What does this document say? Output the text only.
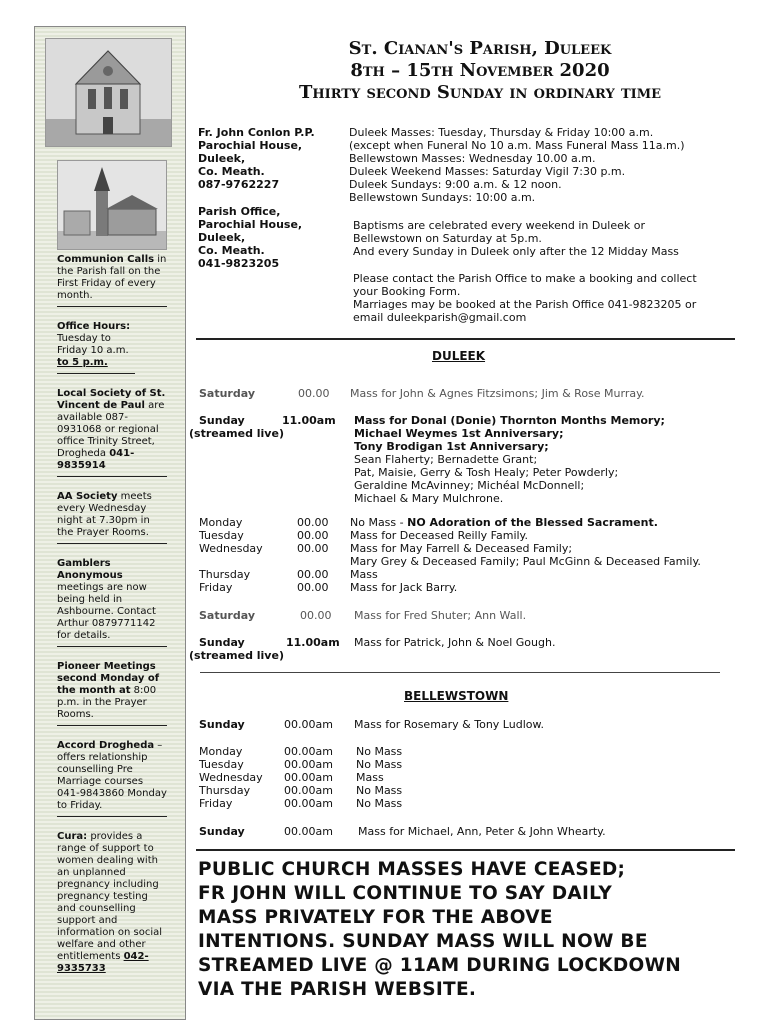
Communion Calls in the Parish fall on the First Friday of every month.
Office Hours:
Tuesday to Friday 10 a.m. to 5 p.m.
Local Society of St. Vincent de Paul are available 087-0931068 or regional office Trinity Street, Drogheda 041-9835914
AA Society meets every Wednesday night at 7.30pm in the Prayer Rooms.
Gamblers Anonymous meetings are now being held in Ashbourne. Contact Arthur 0879771142 for details.
Pioneer Meetings second Monday of the month at 8:00 p.m. in the Prayer Rooms.
Accord Drogheda – offers relationship counselling Pre Marriage courses 041-9843860 Monday to Friday.
Cura: provides a range of support to women dealing with an unplanned pregnancy including pregnancy testing and counselling support and information on social welfare and other entitlements 042-9335733
St. Cianan's Parish, Duleek
8th – 15th November 2020
Thirty second Sunday in ordinary time
Fr. John Conlon P.P.
Parochial House,
Duleek,
Co. Meath.
087-9762227
Parish Office,
Parochial House,
Duleek,
Co. Meath.
041-9823205
Duleek Masses: Tuesday, Thursday & Friday 10:00 a.m.
(except when Funeral No 10 a.m. Mass Funeral Mass 11a.m.)
Bellewstown Masses: Wednesday 10.00 a.m.
Duleek Weekend Masses: Saturday Vigil 7:30 p.m.
Duleek Sundays: 9:00 a.m. & 12 noon.
Bellewstown Sundays: 10:00 a.m.
Baptisms are celebrated every weekend in Duleek or
Bellewstown on Saturday at 5p.m.
And every Sunday in Duleek only after the 12 Midday Mass
Please contact the Parish Office to make a booking and collect
your Booking Form.
Marriages may be booked at the Parish Office 041-9823205 or
email duleekparish@gmail.com
DULEEK
Saturday	00.00 Mass for John & Agnes Fitzsimons; Jim & Rose Murray.
Sunday	11.00am
(streamed live)
Mass for Donal (Donie) Thornton Months Memory;
Michael Weymes 1st Anniversary;
Tony Brodigan 1st Anniversary;
Sean Flaherty; Bernadette Grant;
Pat, Maisie, Gerry & Tosh Healy; Peter Powderly;
Geraldine McAvinney; Michéal McDonnell;
Michael & Mary Mulchrone.
Monday	00.00	No Mass - NO Adoration of the Blessed Sacrament.
Tuesday	00.00	Mass for Deceased Reilly Family.
Wednesday	00.00	Mass for May Farrell & Deceased Family;
Mary Grey & Deceased Family; Paul McGinn & Deceased Family.
Thursday	00.00	Mass
Friday	00.00	Mass for Jack Barry.
Saturday	00.00 Mass for Fred Shuter; Ann Wall.
Sunday	11.00am
(streamed live)
Mass for Patrick, John & Noel Gough.
BELLEWSTOWN
Sunday	00.00am Mass for Rosemary & Tony Ludlow.
Monday	00.00am	No Mass
Tuesday	00.00am	No Mass
Wednesday	00.00am	Mass
Thursday	00.00am	No Mass
Friday	00.00am	No Mass
Sunday	00.00am Mass for Michael, Ann, Peter & John Whearty.
PUBLIC CHURCH MASSES HAVE CEASED;
FR JOHN WILL CONTINUE TO SAY DAILY
MASS PRIVATELY FOR THE ABOVE
INTENTIONS. SUNDAY MASS WILL NOW BE
STREAMED LIVE @ 11AM DURING LOCKDOWN
VIA THE PARISH WEBSITE.
